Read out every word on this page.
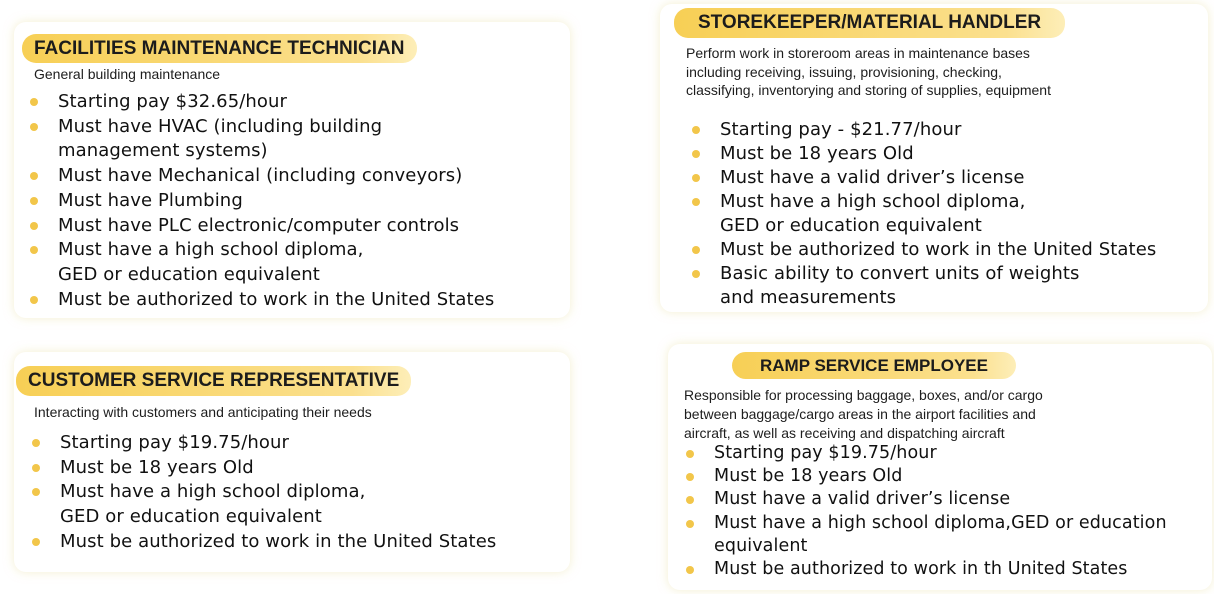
FACILITIES MAINTENANCE TECHNICIAN
General building maintenance
Starting pay $32.65/hour
Must have HVAC (including building
management systems)
Must have Mechanical (including conveyors)
Must have Plumbing
Must have PLC electronic/computer controls
Must have a high school diploma,
GED or education equivalent
Must be authorized to work in the United States
STOREKEEPER/MATERIAL HANDLER
Perform work in storeroom areas in maintenance bases
including receiving, issuing, provisioning, checking,
classifying, inventorying and storing of supplies, equipment
Starting pay - $21.77/hour
Must be 18 years Old
Must have a valid driver’s license
Must have a high school diploma,
GED or education equivalent
Must be authorized to work in the United States
Basic ability to convert units of weights
and measurements
CUSTOMER SERVICE REPRESENTATIVE
Interacting with customers and anticipating their needs
Starting pay $19.75/hour
Must be 18 years Old
Must have a high school diploma,
GED or education equivalent
Must be authorized to work in the United States
RAMP SERVICE EMPLOYEE
Responsible for processing baggage, boxes, and/or cargo
between baggage/cargo areas in the airport facilities and
aircraft, as well as receiving and dispatching aircraft
Starting pay $19.75/hour
Must be 18 years Old
Must have a valid driver’s license
Must have a high school diploma,GED or education
equivalent
Must be authorized to work in th United States
